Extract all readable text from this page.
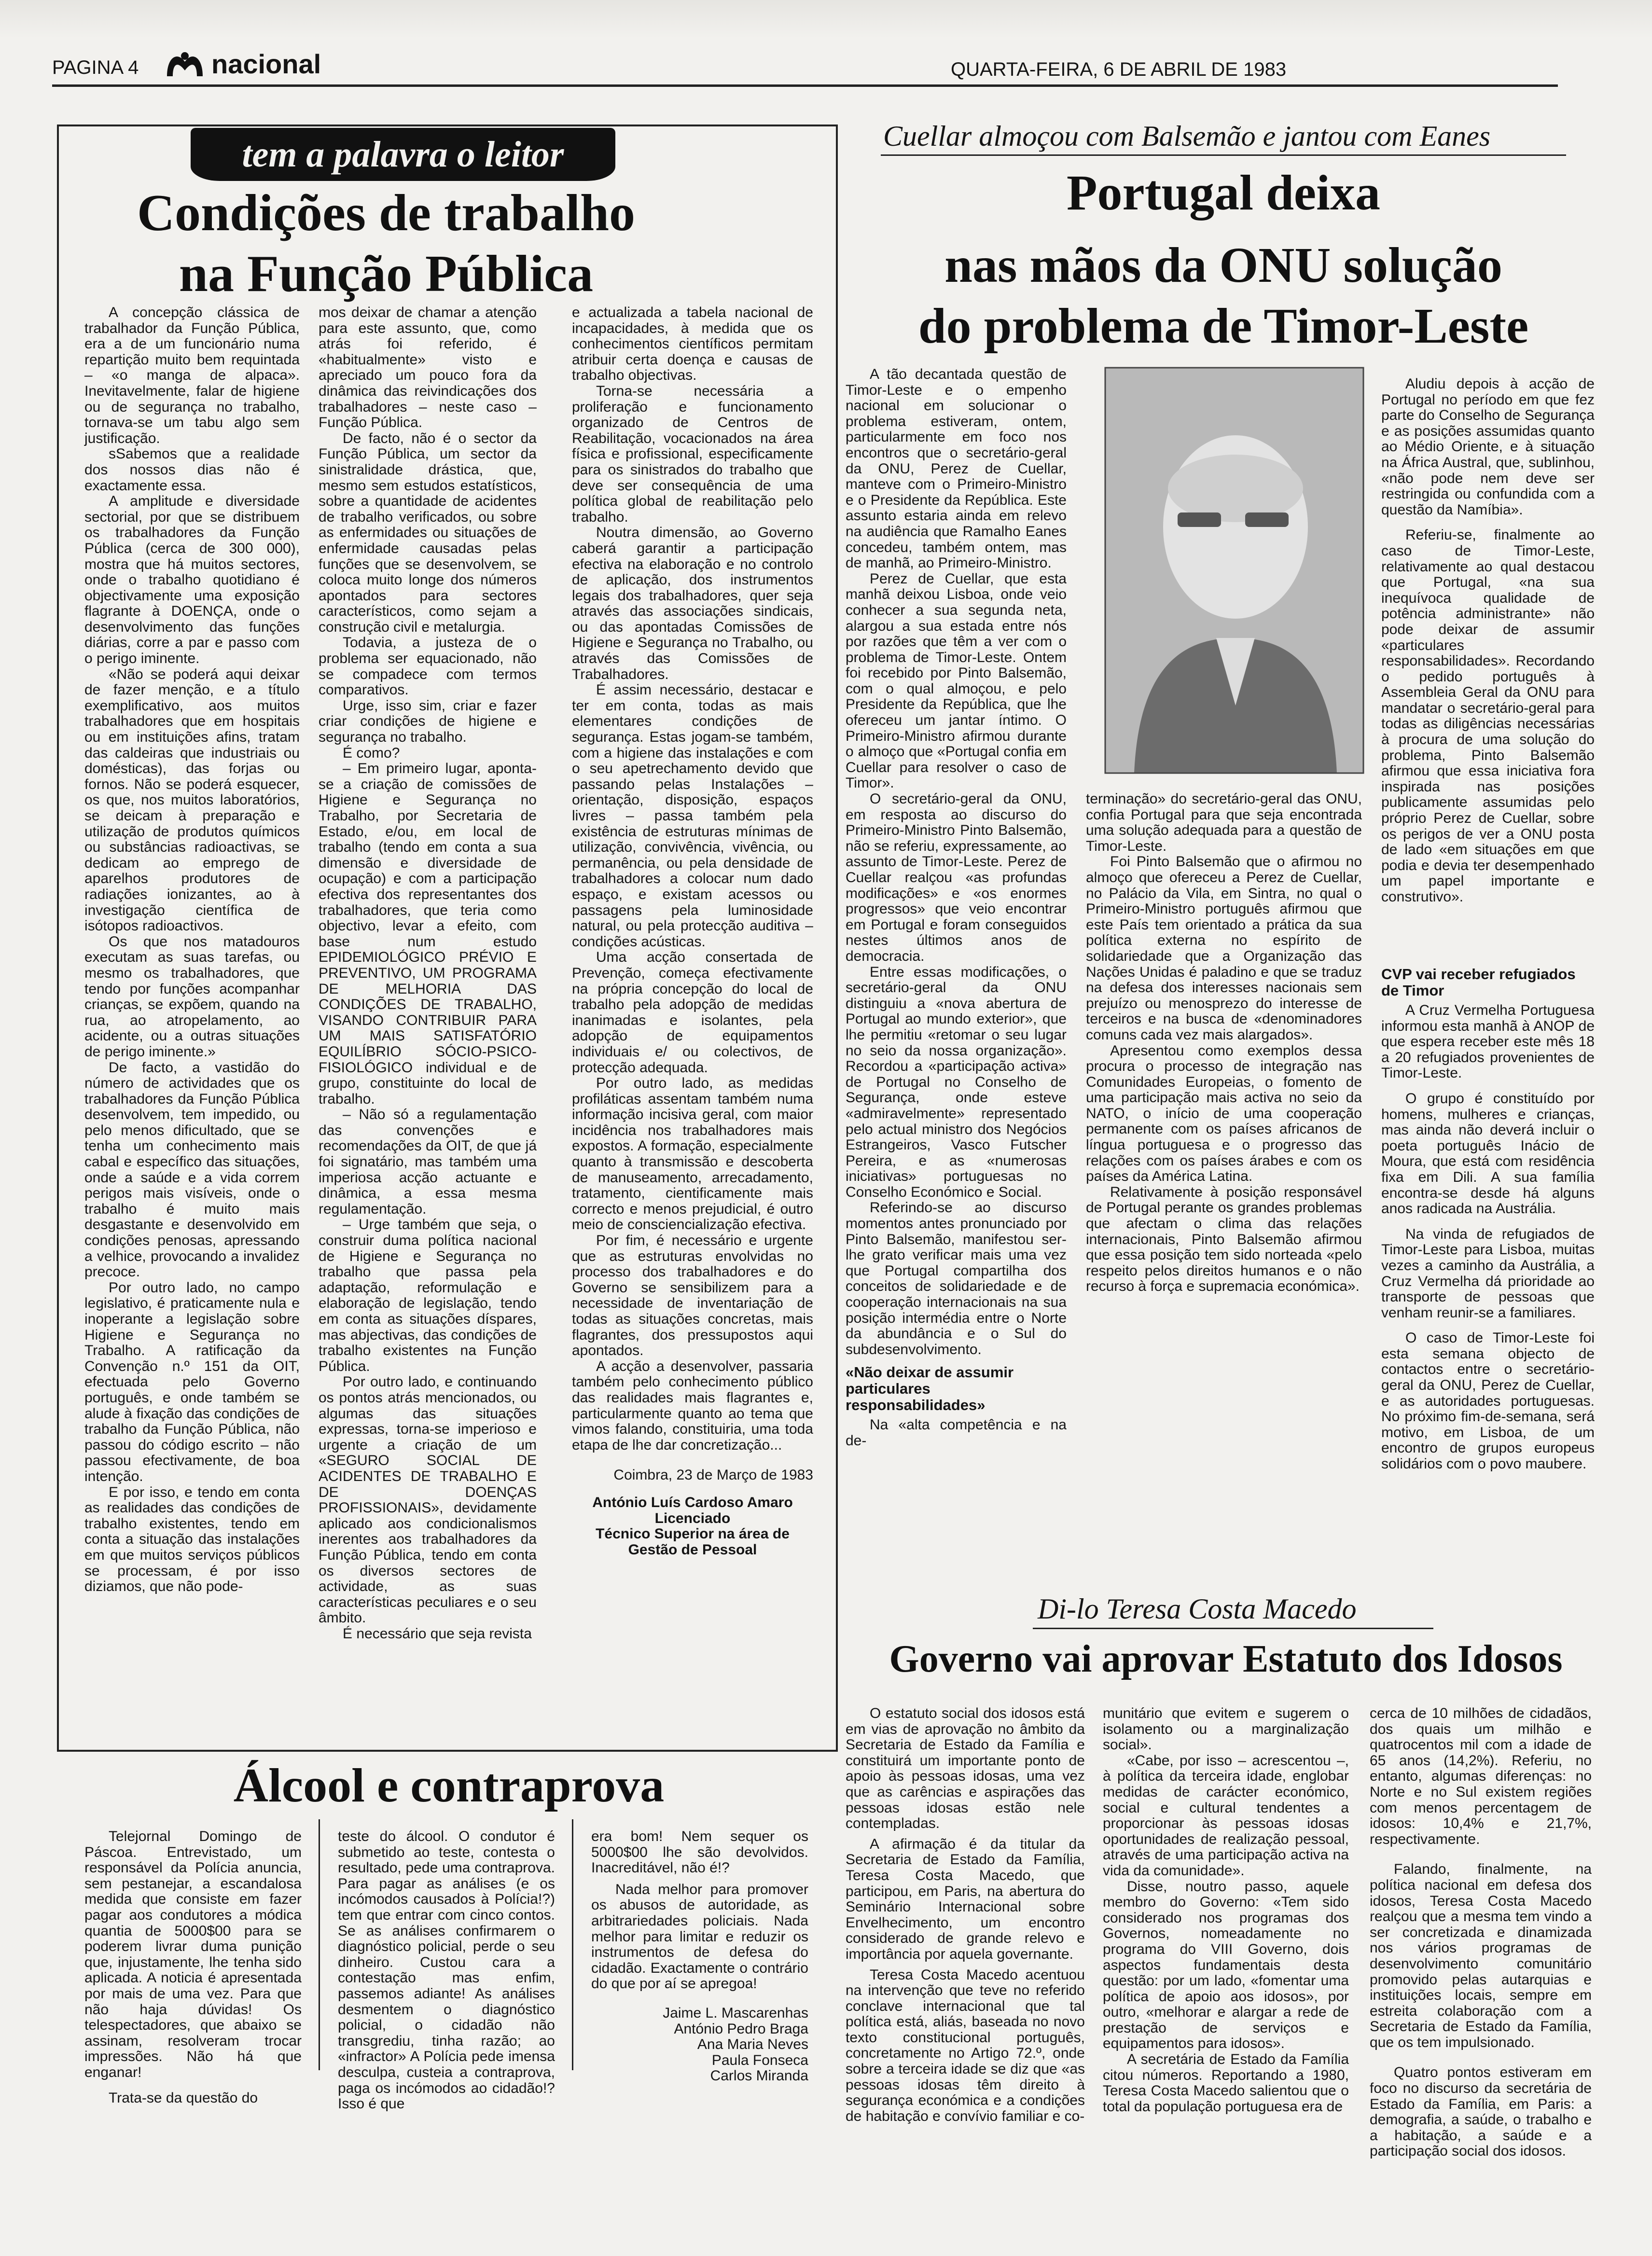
PAGINA 4	nacional	QUARTA-FEIRA, 6 DE ABRIL DE 1983
tem a palavra o leitor
Condições de trabalho
na Função Pública

A concepção clássica de trabalhador da Função Pública, era a de um funcionário numa repartição muito bem requintada – «o manga de alpaca». Inevitavelmente, falar de higiene ou de segurança no trabalho, tornava-se um tabu algo sem justificação.

sSabemos que a realidade dos nossos dias não é exactamente essa.

A amplitude e diversidade sectorial, por que se distribuem os trabalhadores da Função Pública (cerca de 300 000), mostra que há muitos sectores, onde o trabalho quotidiano é objectivamente uma exposição flagrante à DOENÇA, onde o desenvolvimento das funções diárias, corre a par e passo com o perigo iminente.

«Não se poderá aqui deixar de fazer menção, e a título exemplificativo, aos muitos trabalhadores que em hospitais ou em instituições afins, tratam das caldeiras que industriais ou domésticas), das forjas ou fornos. Não se poderá esquecer, os que, nos muitos laboratórios, se deicam à preparação e utilização de produtos químicos ou substâncias radioactivas, se dedicam ao emprego de aparelhos produtores de radiações ionizantes, ao à investigação científica de isótopos radioactivos.

Os que nos matadouros executam as suas tarefas, ou mesmo os trabalhadores, que tendo por funções acompanhar crianças, se expõem, quando na rua, ao atropelamento, ao acidente, ou a outras situações de perigo iminente.»

De facto, a vastidão do número de actividades que os trabalhadores da Função Pública desenvolvem, tem impedido, ou pelo menos dificultado, que se tenha um conhecimento mais cabal e específico das situações, onde a saúde e a vida correm perigos mais visíveis, onde o trabalho é muito mais desgastante e desenvolvido em condições penosas, apressando a velhice, provocando a invalidez precoce.

Por outro lado, no campo legislativo, é praticamente nula e inoperante a legislação sobre Higiene e Segurança no Trabalho. A ratificação da Convenção n.º 151 da OIT, efectuada pelo Governo português, e onde também se alude à fixação das condições de trabalho da Função Pública, não passou do código escrito – não passou efectivamente, de boa intenção.

E por isso, e tendo em conta as realidades das condições de trabalho existentes, tendo em conta a situação das instalações em que muitos serviços públicos se processam, é por isso diziamos, que não pode-

mos deixar de chamar a atenção para este assunto, que, como atrás foi referido, é «habitualmente» visto e apreciado um pouco fora da dinâmica das reivindicações dos trabalhadores – neste caso – Função Pública.

De facto, não é o sector da Função Pública, um sector da sinistralidade drástica, que, mesmo sem estudos estatísticos, sobre a quantidade de acidentes de trabalho verificados, ou sobre as enfermidades ou situações de enfermidade causadas pelas funções que se desenvolvem, se coloca muito longe dos números apontados para sectores característicos, como sejam a construção civil e metalurgia.

Todavia, a justeza de o problema ser equacionado, não se compadece com termos comparativos.

Urge, isso sim, criar e fazer criar condições de higiene e segurança no trabalho.

É como?

– Em primeiro lugar, aponta-se a criação de comissões de Higiene e Segurança no Trabalho, por Secretaria de Estado, e/ou, em local de trabalho (tendo em conta a sua dimensão e diversidade de ocupação) e com a participação efectiva dos representantes dos trabalhadores, que teria como objectivo, levar a efeito, com base num estudo EPIDEMIOLÓGICO PRÉVIO E PREVENTIVO, UM PROGRAMA DE MELHORIA DAS CONDIÇÕES DE TRABALHO, VISANDO CONTRIBUIR PARA UM MAIS SATISFATÓRIO EQUILÍBRIO SÓCIO-PSICO-FISIOLÓGICO individual e de grupo, constituinte do local de trabalho.

– Não só a regulamentação das convenções e recomendações da OIT, de que já foi signatário, mas também uma imperiosa acção actuante e dinâmica, a essa mesma regulamentação.

– Urge também que seja, o construir duma política nacional de Higiene e Segurança no trabalho que passa pela adaptação, reformulação e elaboração de legislação, tendo em conta as situações díspares, mas abjectivas, das condições de trabalho existentes na Função Pública.

Por outro lado, e continuando os pontos atrás mencionados, ou algumas das situações expressas, torna-se imperioso e urgente a criação de um «SEGURO SOCIAL DE ACIDENTES DE TRABALHO E DE DOENÇAS PROFISSIONAIS», devidamente aplicado aos condicionalismos inerentes aos trabalhadores da Função Pública, tendo em conta os diversos sectores de actividade, as suas características peculiares e o seu âmbito.

É necessário que seja revista

e actualizada a tabela nacional de incapacidades, à medida que os conhecimentos científicos permitam atribuir certa doença e causas de trabalho objectivas.

Torna-se necessária a proliferação e funcionamento organizado de Centros de Reabilitação, vocacionados na área física e profissional, especificamente para os sinistrados do trabalho que deve ser consequência de uma política global de reabilitação pelo trabalho.

Noutra dimensão, ao Governo caberá garantir a participação efectiva na elaboração e no controlo de aplicação, dos instrumentos legais dos trabalhadores, quer seja através das associações sindicais, ou das apontadas Comissões de Higiene e Segurança no Trabalho, ou através das Comissões de Trabalhadores.

É assim necessário, destacar e ter em conta, todas as mais elementares condições de segurança. Estas jogam-se também, com a higiene das instalações e com o seu apetrechamento devido que passando pelas Instalações – orientação, disposição, espaços livres – passa também pela existência de estruturas mínimas de utilização, convivência, vivência, ou permanência, ou pela densidade de trabalhadores a colocar num dado espaço, e existam acessos ou passagens pela luminosidade natural, ou pela protecção auditiva – condições acústicas.

Uma acção consertada de Prevenção, começa efectivamente na própria concepção do local de trabalho pela adopção de medidas inanimadas e isolantes, pela adopção de equipamentos individuais e/ ou colectivos, de protecção adequada.

Por outro lado, as medidas profiláticas assentam também numa informação incisiva geral, com maior incidência nos trabalhadores mais expostos. A formação, especialmente quanto à transmissão e descoberta de manuseamento, arrecadamento, tratamento, cientificamente mais correcto e menos prejudicial, é outro meio de consciencialização efectiva.

Por fim, é necessário e urgente que as estruturas envolvidas no processo dos trabalhadores e do Governo se sensibilizem para a necessidade de inventariação de todas as situações concretas, mais flagrantes, dos pressupostos aqui apontados.

A acção a desenvolver, passaria também pelo conhecimento público das realidades mais flagrantes e, particularmente quanto ao tema que vimos falando, constituiria, uma toda etapa de lhe dar concretização...

Coimbra, 23 de Março de 1983

António Luís Cardoso Amaro

Licenciado

Técnico Superior na área de

Gestão de Pessoal

Álcool e contraprova

Telejornal Domingo de Páscoa. Entrevistado, um responsável da Polícia anuncia, sem pestanejar, a escandalosa medida que consiste em fazer pagar aos condutores a módica quantia de 5000$00 para se poderem livrar duma punição que, injustamente, lhe tenha sido aplicada. A noticia é apresentada por mais de uma vez. Para que não haja dúvidas! Os telespectadores, que abaixo se assinam, resolveram trocar impressões. Não há que enganar!

Trata-se da questão do

teste do álcool. O condutor é submetido ao teste, contesta o resultado, pede uma contraprova. Para pagar as análises (e os incómodos causados à Polícia!?) tem que entrar com cinco contos. Se as análises confirmarem o diagnóstico policial, perde o seu dinheiro. Custou cara a contestação mas enfim, passemos adiante! As análises desmentem o diagnóstico policial, o cidadão não transgrediu, tinha razão; ao «infractor» A Polícia pede imensa desculpa, custeia a contraprova, paga os incómodos ao cidadão!? Isso é que

era bom! Nem sequer os 5000$00 lhe são devolvidos. Inacreditável, não é!?

Nada melhor para promover os abusos de autoridade, as arbitrariedades policiais. Nada melhor para limitar e reduzir os instrumentos de defesa do cidadão. Exactamente o contrário do que por aí se apregoa!

Jaime L. Mascarenhas

António Pedro Braga

Ana Maria Neves

Paula Fonseca

Carlos Miranda

Cuellar almoçou com Balsemão e jantou com Eanes
Portugal deixa
nas mãos da ONU solução
do problema de Timor-Leste

A tão decantada questão de Timor-Leste e o empenho nacional em solucionar o problema estiveram, ontem, particularmente em foco nos encontros que o secretário-geral da ONU, Perez de Cuellar, manteve com o Primeiro-Ministro e o Presidente da República. Este assunto estaria ainda em relevo na audiência que Ramalho Eanes concedeu, também ontem, mas de manhã, ao Primeiro-Ministro.

Perez de Cuellar, que esta manhã deixou Lisboa, onde veio conhecer a sua segunda neta, alargou a sua estada entre nós por razões que têm a ver com o problema de Timor-Leste. Ontem foi recebido por Pinto Balsemão, com o qual almoçou, e pelo Presidente da República, que lhe ofereceu um jantar íntimo. O Primeiro-Ministro afirmou durante o almoço que «Portugal confia em Cuellar para resolver o caso de Timor».

O secretário-geral da ONU, em resposta ao discurso do Primeiro-Ministro Pinto Balsemão, não se referiu, expressamente, ao assunto de Timor-Leste. Perez de Cuellar realçou «as profundas modificações» e «os enormes progressos» que veio encontrar em Portugal e foram conseguidos nestes últimos anos de democracia.

Entre essas modificações, o secretário-geral da ONU distinguiu a «nova abertura de Portugal ao mundo exterior», que lhe permitiu «retomar o seu lugar no seio da nossa organização». Recordou a «participação activa» de Portugal no Conselho de Segurança, onde esteve «admiravelmente» representado pelo actual ministro dos Negócios Estrangeiros, Vasco Futscher Pereira, e as «numerosas iniciativas» portuguesas no Conselho Económico e Social.

Referindo-se ao discurso momentos antes pronunciado por Pinto Balsemão, manifestou ser-lhe grato verificar mais uma vez que Portugal compartilha dos conceitos de solidariedade e de cooperação internacionais na sua posição intermédia entre o Norte da abundância e o Sul do subdesenvolvimento.

«Não deixar de assumir particulares responsabilidades»

Na «alta competência e na de-

terminação» do secretário-geral das ONU, confia Portugal para que seja encontrada uma solução adequada para a questão de Timor-Leste.

Foi Pinto Balsemão que o afirmou no almoço que ofereceu a Perez de Cuellar, no Palácio da Vila, em Sintra, no qual o Primeiro-Ministro português afirmou que este País tem orientado a prática da sua política externa no espírito de solidariedade que a Organização das Nações Unidas é paladino e que se traduz na defesa dos interesses nacionais sem prejuízo ou menosprezo do interesse de terceiros e na busca de «denominadores comuns cada vez mais alargados».

Apresentou como exemplos dessa procura o processo de integração nas Comunidades Europeias, o fomento de uma participação mais activa no seio da NATO, o início de uma cooperação permanente com os países africanos de língua portuguesa e o progresso das relações com os países árabes e com os países da América Latina.

Relativamente à posição responsável de Portugal perante os grandes problemas que afectam o clima das relações internacionais, Pinto Balsemão afirmou que essa posição tem sido norteada «pelo respeito pelos direitos humanos e o não recurso à força e supremacia económica».

Aludiu depois à acção de Portugal no período em que fez parte do Conselho de Segurança e as posições assumidas quanto ao Médio Oriente, e à situação na África Austral, que, sublinhou, «não pode nem deve ser restringida ou confundida com a questão da Namíbia».

Referiu-se, finalmente ao caso de Timor-Leste, relativamente ao qual destacou que Portugal, «na sua inequívoca qualidade de potência administrante» não pode deixar de assumir «particulares responsabilidades». Recordando o pedido português à Assembleia Geral da ONU para mandatar o secretário-geral para todas as diligências necessárias à procura de uma solução do problema, Pinto Balsemão afirmou que essa iniciativa fora inspirada nas posições publicamente assumidas pelo próprio Perez de Cuellar, sobre os perigos de ver a ONU posta de lado «em situações em que podia e devia ter desempenhado um papel importante e construtivo».

CVP vai receber refugiados de Timor

A Cruz Vermelha Portuguesa informou esta manhã à ANOP de que espera receber este mês 18 a 20 refugiados provenientes de Timor-Leste.

O grupo é constituído por homens, mulheres e crianças, mas ainda não deverá incluir o poeta português Inácio de Moura, que está com residência fixa em Dili. A sua família encontra-se desde há alguns anos radicada na Austrália.

Na vinda de refugiados de Timor-Leste para Lisboa, muitas vezes a caminho da Austrália, a Cruz Vermelha dá prioridade ao transporte de pessoas que venham reunir-se a familiares.

O caso de Timor-Leste foi esta semana objecto de contactos entre o secretário-geral da ONU, Perez de Cuellar, e as autoridades portuguesas. No próximo fim-de-semana, será motivo, em Lisboa, de um encontro de grupos europeus solidários com o povo maubere.

Di-lo Teresa Costa Macedo
Governo vai aprovar Estatuto dos Idosos

O estatuto social dos idosos está em vias de aprovação no âmbito da Secretaria de Estado da Família e constituirá um importante ponto de apoio às pessoas idosas, uma vez que as carências e aspirações das pessoas idosas estão nele contempladas.

A afirmação é da titular da Secretaria de Estado da Família, Teresa Costa Macedo, que participou, em Paris, na abertura do Seminário Internacional sobre Envelhecimento, um encontro considerado de grande relevo e importância por aquela governante.

Teresa Costa Macedo acentuou na intervenção que teve no referido conclave internacional que tal política está, aliás, baseada no novo texto constitucional português, concretamente no Artigo 72.º, onde sobre a terceira idade se diz que «as pessoas idosas têm direito à segurança económica e a condições de habitação e convívio familiar e co-

munitário que evitem e sugerem o isolamento ou a marginalização social».

«Cabe, por isso – acrescentou –, à política da terceira idade, englobar medidas de carácter económico, social e cultural tendentes a proporcionar às pessoas idosas oportunidades de realização pessoal, através de uma participação activa na vida da comunidade».

Disse, noutro passo, aquele membro do Governo: «Tem sido considerado nos programas dos Governos, nomeadamente no programa do VIII Governo, dois aspectos fundamentais desta questão: por um lado, «fomentar uma política de apoio aos idosos», por outro, «melhorar e alargar a rede de prestação de serviços e equipamentos para idosos».

A secretária de Estado da Família citou números. Reportando a 1980, Teresa Costa Macedo salientou que o total da população portuguesa era de

cerca de 10 milhões de cidadãos, dos quais um milhão e quatrocentos mil com a idade de 65 anos (14,2%). Referiu, no entanto, algumas diferenças: no Norte e no Sul existem regiões com menos percentagem de idosos: 10,4% e 21,7%, respectivamente.

Falando, finalmente, na política nacional em defesa dos idosos, Teresa Costa Macedo realçou que a mesma tem vindo a ser concretizada e dinamizada nos vários programas de desenvolvimento comunitário promovido pelas autarquias e instituições locais, sempre em estreita colaboração com a Secretaria de Estado da Família, que os tem impulsionado.

Quatro pontos estiveram em foco no discurso da secretária de Estado da Família, em Paris: a demografia, a saúde, o trabalho e a habitação, a saúde e a participação social dos idosos.
